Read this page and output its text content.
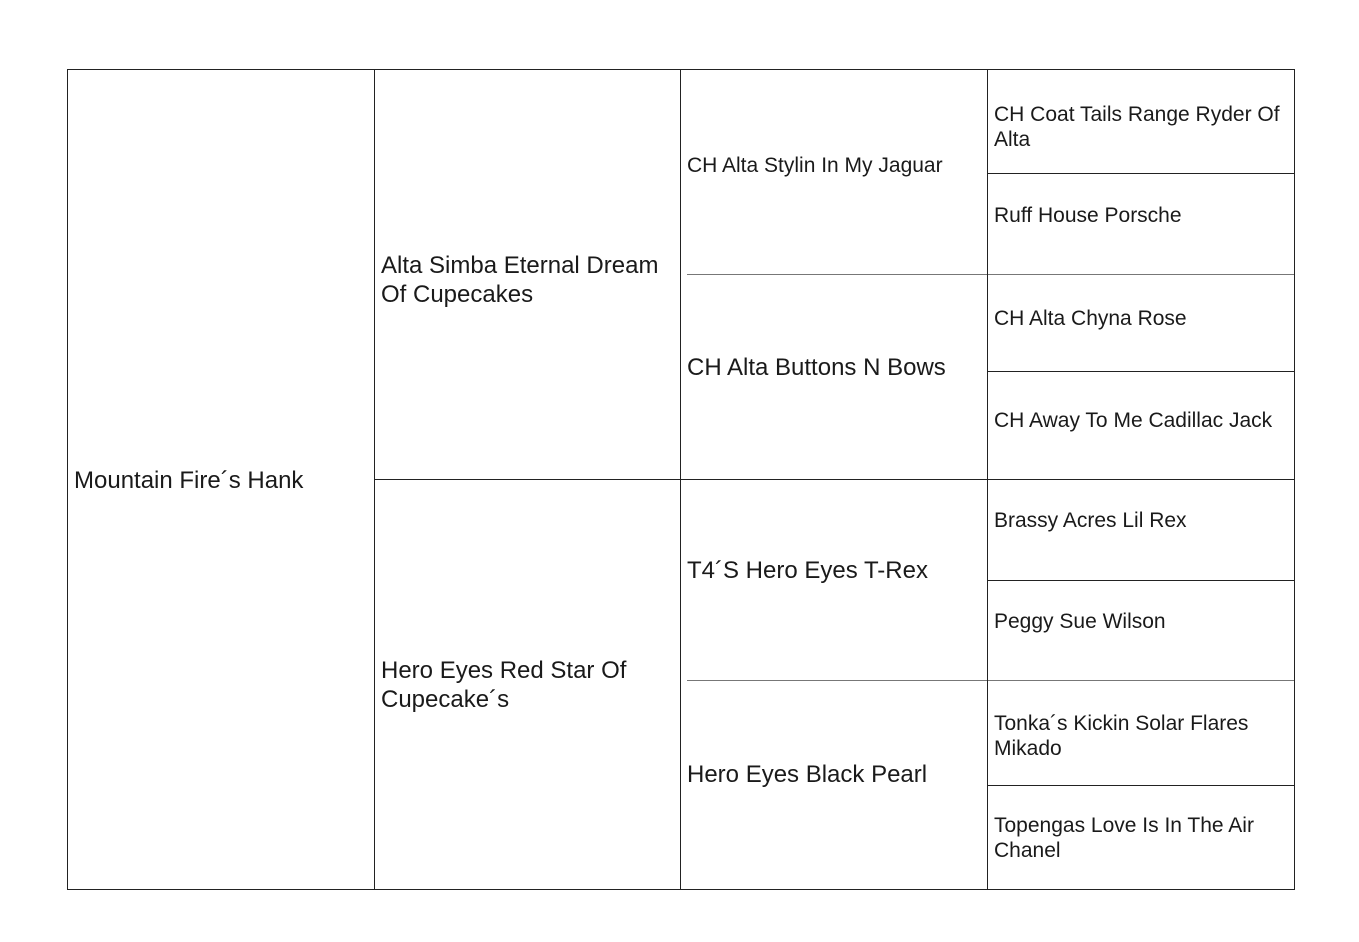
Mountain Fire´s Hank
Alta Simba Eternal Dream Of Cupecakes
Hero Eyes Red Star Of Cupecake´s
CH Alta Stylin In My Jaguar
CH Alta Buttons N Bows
T4´S Hero Eyes T-Rex
Hero Eyes Black Pearl
CH Coat Tails Range Ryder Of Alta
Ruff House Porsche
CH Alta Chyna Rose
CH Away To Me Cadillac Jack
Brassy Acres Lil Rex
Peggy Sue Wilson
Tonka´s Kickin Solar Flares Mikado
Topengas Love Is In The Air Chanel
